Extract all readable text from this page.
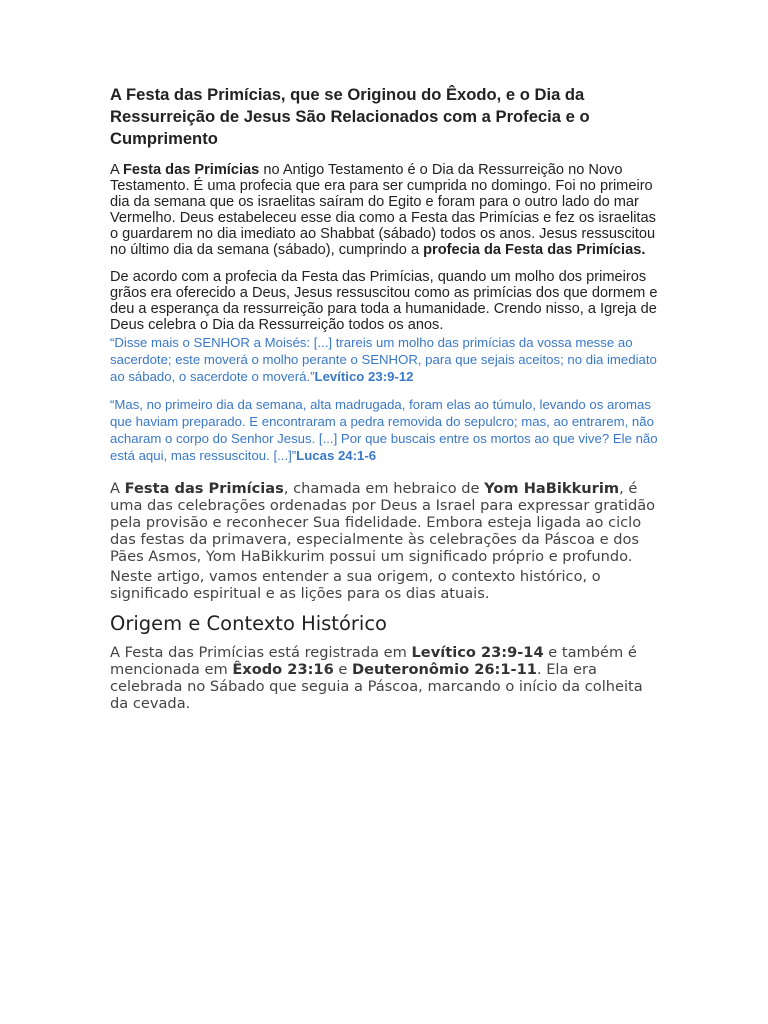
A Festa das Primícias, que se Originou do Êxodo, e o Dia da Ressurreição de Jesus São Relacionados com a Profecia e o Cumprimento

A Festa das Primícias no Antigo Testamento é o Dia da Ressurreição no Novo Testamento. É uma profecia que era para ser cumprida no domingo. Foi no primeiro dia da semana que os israelitas saíram do Egito e foram para o outro lado do mar Vermelho. Deus estabeleceu esse dia como a Festa das Primícias e fez os israelitas o guardarem no dia imediato ao Shabbat (sábado) todos os anos. Jesus ressuscitou no último dia da semana (sábado), cumprindo a profecia da Festa das Primícias.

De acordo com a profecia da Festa das Primícias, quando um molho dos primeiros grãos era oferecido a Deus, Jesus ressuscitou como as primícias dos que dormem e deu a esperança da ressurreição para toda a humanidade. Crendo nisso, a Igreja de Deus celebra o Dia da Ressurreição todos os anos.

“Disse mais o SENHOR a Moisés: [...] trareis um molho das primícias da vossa messe ao sacerdote; este moverá o molho perante o SENHOR, para que sejais aceitos; no dia imediato ao sábado, o sacerdote o moverá.”Levítico 23:9-12

“Mas, no primeiro dia da semana, alta madrugada, foram elas ao túmulo, levando os aromas que haviam preparado. E encontraram a pedra removida do sepulcro; mas, ao entrarem, não acharam o corpo do Senhor Jesus. [...] Por que buscais entre os mortos ao que vive? Ele não está aqui, mas ressuscitou. [...]”Lucas 24:1-6

A Festa das Primícias, chamada em hebraico de Yom HaBikkurim, é uma das celebrações ordenadas por Deus a Israel para expressar gratidão pela provisão e reconhecer Sua fidelidade. Embora esteja ligada ao ciclo das festas da primavera, especialmente às celebrações da Páscoa e dos Pães Asmos, Yom HaBikkurim possui um significado próprio e profundo.

Neste artigo, vamos entender a sua origem, o contexto histórico, o significado espiritual e as lições para os dias atuais.

Origem e Contexto Histórico

A Festa das Primícias está registrada em Levítico 23:9-14 e também é mencionada em Êxodo 23:16 e Deuteronômio 26:1-11. Ela era celebrada no Sábado que seguia a Páscoa, marcando o início da colheita da cevada.
